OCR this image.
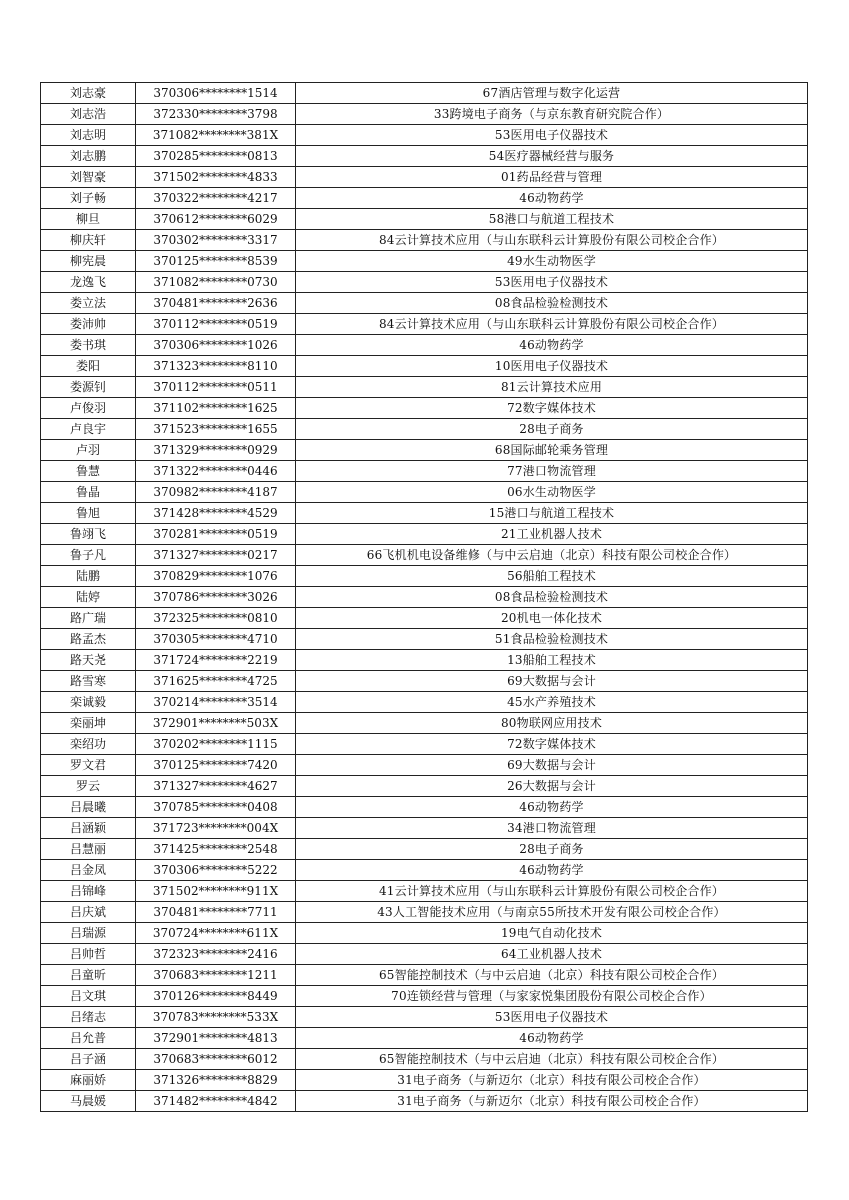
刘志豪	370306********1514	67酒店管理与数字化运营
刘志浩	372330********3798	33跨境电子商务（与京东教育研究院合作）
刘志明	371082********381X	53医用电子仪器技术
刘志鹏	370285********0813	54医疗器械经营与服务
刘智豪	371502********4833	01药品经营与管理
刘子畅	370322********4217	46动物药学
柳旦	370612********6029	58港口与航道工程技术
柳庆轩	370302********3317	84云计算技术应用（与山东联科云计算股份有限公司校企合作）
柳宪晨	370125********8539	49水生动物医学
龙逸飞	371082********0730	53医用电子仪器技术
娄立法	370481********2636	08食品检验检测技术
娄沛帅	370112********0519	84云计算技术应用（与山东联科云计算股份有限公司校企合作）
娄书琪	370306********1026	46动物药学
娄阳	371323********8110	10医用电子仪器技术
娄源钊	370112********0511	81云计算技术应用
卢俊羽	371102********1625	72数字媒体技术
卢良宇	371523********1655	28电子商务
卢羽	371329********0929	68国际邮轮乘务管理
鲁慧	371322********0446	77港口物流管理
鲁晶	370982********4187	06水生动物医学
鲁旭	371428********4529	15港口与航道工程技术
鲁翊飞	370281********0519	21工业机器人技术
鲁子凡	371327********0217	66飞机机电设备维修（与中云启迪（北京）科技有限公司校企合作）
陆鹏	370829********1076	56船舶工程技术
陆婷	370786********3026	08食品检验检测技术
路广瑞	372325********0810	20机电一体化技术
路孟杰	370305********4710	51食品检验检测技术
路天尧	371724********2219	13船舶工程技术
路雪寒	371625********4725	69大数据与会计
栾诚毅	370214********3514	45水产养殖技术
栾丽坤	372901********503X	80物联网应用技术
栾绍功	370202********1115	72数字媒体技术
罗文君	370125********7420	69大数据与会计
罗云	371327********4627	26大数据与会计
吕晨曦	370785********0408	46动物药学
吕涵颖	371723********004X	34港口物流管理
吕慧丽	371425********2548	28电子商务
吕金凤	370306********5222	46动物药学
吕锦峰	371502********911X	41云计算技术应用（与山东联科云计算股份有限公司校企合作）
吕庆斌	370481********7711	43人工智能技术应用（与南京55所技术开发有限公司校企合作）
吕瑞源	370724********611X	19电气自动化技术
吕帅哲	372323********2416	64工业机器人技术
吕童昕	370683********1211	65智能控制技术（与中云启迪（北京）科技有限公司校企合作）
吕文琪	370126********8449	70连锁经营与管理（与家家悦集团股份有限公司校企合作）
吕绪志	370783********533X	53医用电子仪器技术
吕允普	372901********4813	46动物药学
吕子涵	370683********6012	65智能控制技术（与中云启迪（北京）科技有限公司校企合作）
麻丽娇	371326********8829	31电子商务（与新迈尔（北京）科技有限公司校企合作）
马晨媛	371482********4842	31电子商务（与新迈尔（北京）科技有限公司校企合作）
